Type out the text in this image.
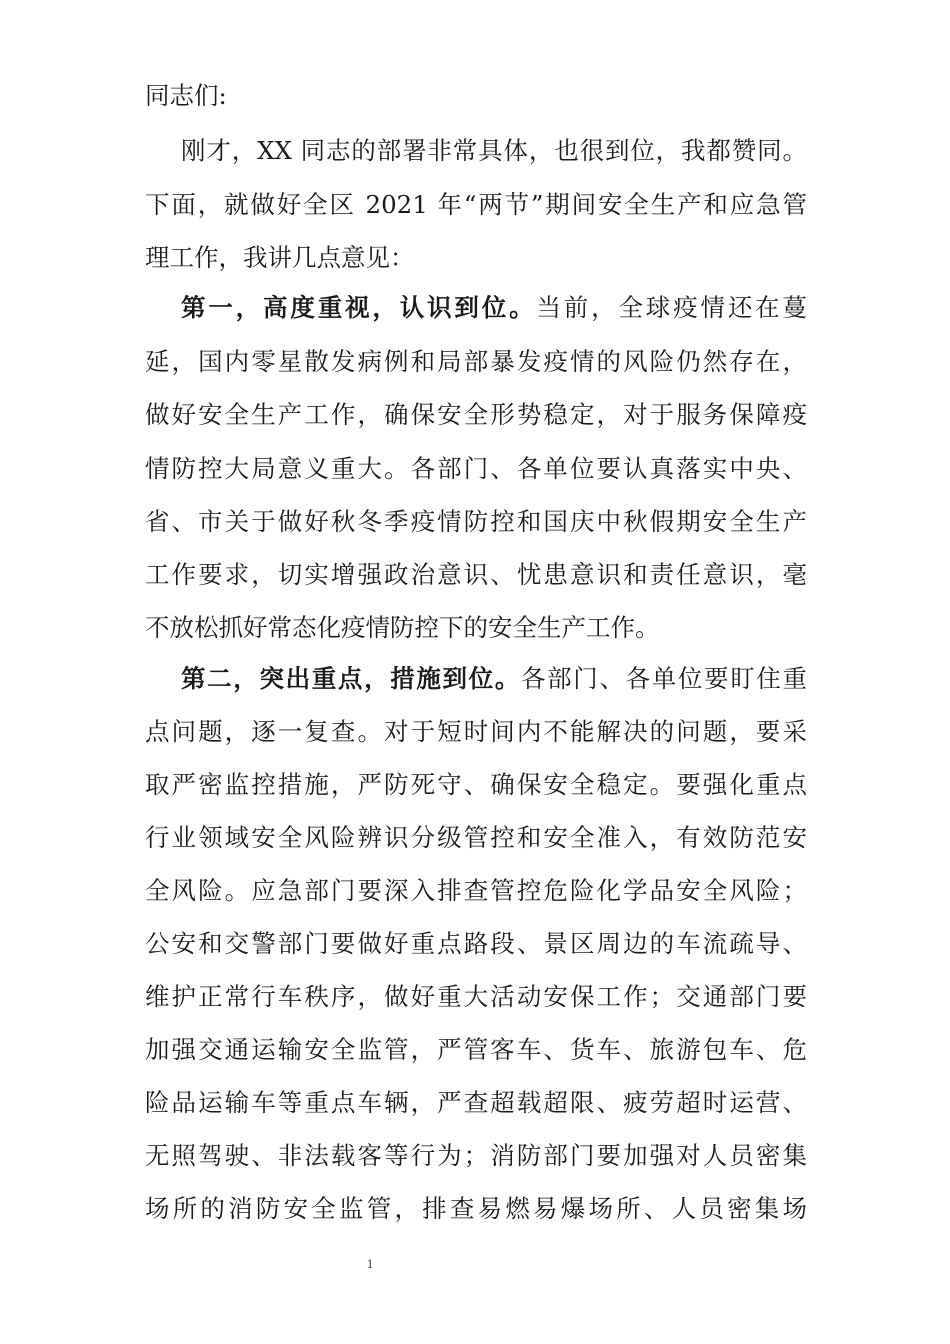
同志们:
刚才，XX 同志的部署非常具体，也很到位，我都赞同。
下面，就做好全区 2021 年“两节”期间安全生产和应急管
理工作，我讲几点意见：
第一，高度重视，认识到位。当前，全球疫情还在蔓
延，国内零星散发病例和局部暴发疫情的风险仍然存在，
做好安全生产工作，确保安全形势稳定，对于服务保障疫
情防控大局意义重大。各部门、各单位要认真落实中央、
省、市关于做好秋冬季疫情防控和国庆中秋假期安全生产
工作要求，切实增强政治意识、忧患意识和责任意识，毫
不放松抓好常态化疫情防控下的安全生产工作。
第二，突出重点，措施到位。各部门、各单位要盯住重
点问题，逐一复查。对于短时间内不能解决的问题，要采
取严密监控措施，严防死守、确保安全稳定。要强化重点
行业领域安全风险辨识分级管控和安全准入，有效防范安
全风险。应急部门要深入排查管控危险化学品安全风险；
公安和交警部门要做好重点路段、景区周边的车流疏导、
维护正常行车秩序，做好重大活动安保工作；交通部门要
加强交通运输安全监管，严管客车、货车、旅游包车、危
险品运输车等重点车辆，严查超载超限、疲劳超时运营、
无照驾驶、非法载客等行为；消防部门要加强对人员密集
场所的消防安全监管，排查易燃易爆场所、人员密集场
1
